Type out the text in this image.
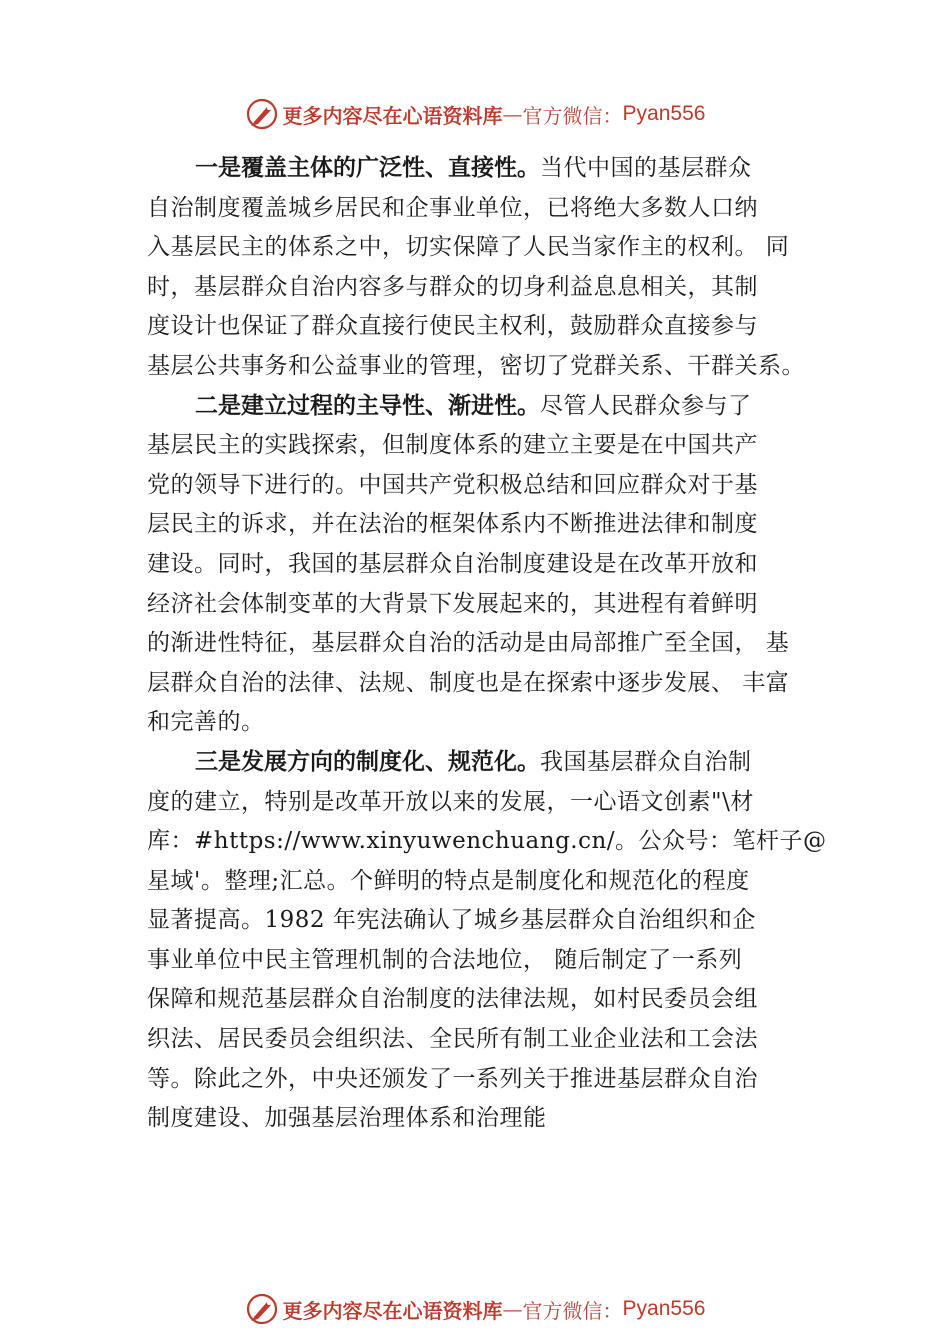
更多内容尽在心语资料库 — 官方微信： Pyan556
一是覆盖主体的广泛性、直接性。当代中国的基层群众
自治制度覆盖城乡居民和企事业单位，已将绝大多数人口纳
入基层民主的体系之中，切实保障了人民当家作主的权利。 同
时，基层群众自治内容多与群众的切身利益息息相关，其制
度设计也保证了群众直接行使民主权利，鼓励群众直接参与
基层公共事务和公益事业的管理，密切了党群关系、干群关系。
二是建立过程的主导性、渐进性。尽管人民群众参与了
基层民主的实践探索，但制度体系的建立主要是在中国共产
党的领导下进行的。中国共产党积极总结和回应群众对于基
层民主的诉求，并在法治的框架体系内不断推进法律和制度
建设。同时，我国的基层群众自治制度建设是在改革开放和
经济社会体制变革的大背景下发展起来的，其进程有着鲜明
的渐进性特征，基层群众自治的活动是由局部推广至全国， 基
层群众自治的法律、法规、制度也是在探索中逐步发展、 丰富
和完善的。
三是发展方向的制度化、规范化。我国基层群众自治制
度的建立，特别是改革开放以来的发展，一心语文创素"\材
库：#https://www.xinyuwenchuang.cn/。公众号：笔杆子@
星域'。整理;汇总。个鲜明的特点是制度化和规范化的程度
显著提高。1982 年宪法确认了城乡基层群众自治组织和企
事业单位中民主管理机制的合法地位， 随后制定了一系列
保障和规范基层群众自治制度的法律法规，如村民委员会组
织法、居民委员会组织法、全民所有制工业企业法和工会法
等。除此之外，中央还颁发了一系列关于推进基层群众自治
制度建设、加强基层治理体系和治理能
更多内容尽在心语资料库 — 官方微信： Pyan556
